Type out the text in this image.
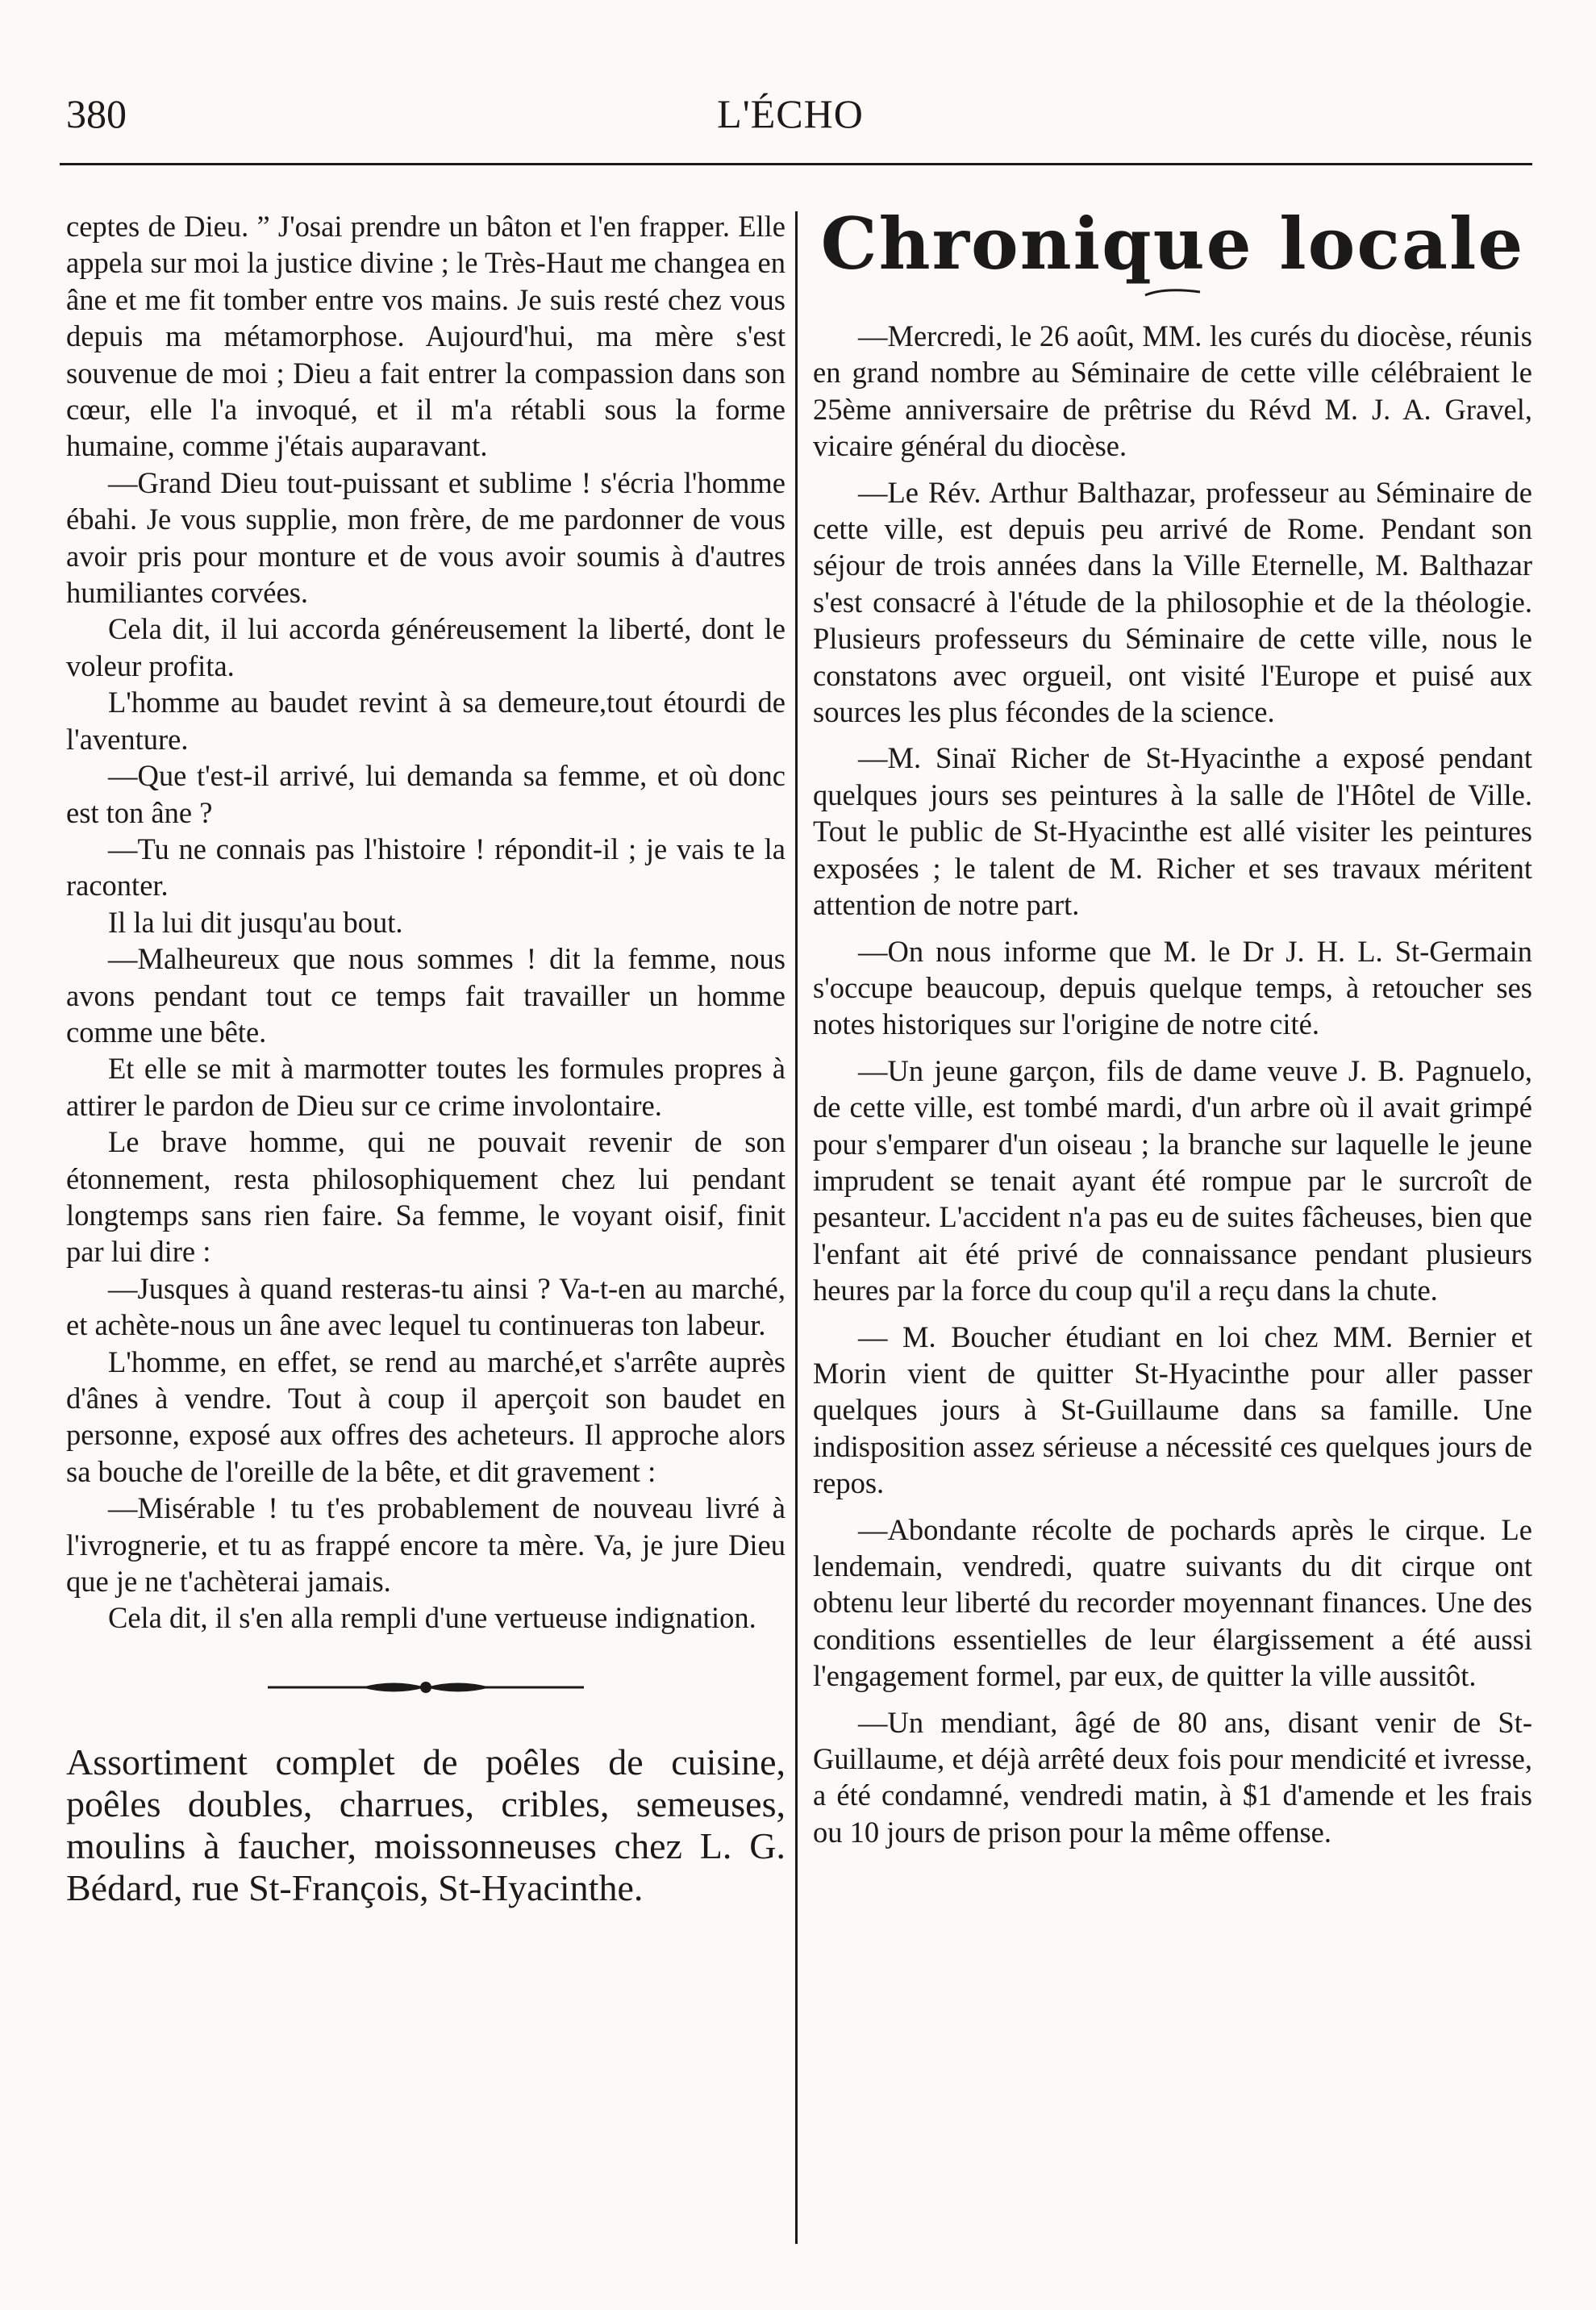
380	L'ÉCHO

ceptes de Dieu. ” J'osai prendre un bâton et l'en frapper. Elle appela sur moi la justice divine ; le Très-Haut me changea en âne et me fit tomber entre vos mains. Je suis resté chez vous depuis ma métamorphose. Aujourd'hui, ma mère s'est souvenue de moi ; Dieu a fait entrer la compassion dans son cœur, elle l'a invoqué, et il m'a rétabli sous la forme humaine, comme j'étais auparavant.

—Grand Dieu tout-puissant et sublime ! s'écria l'homme ébahi. Je vous supplie, mon frère, de me pardonner de vous avoir pris pour monture et de vous avoir soumis à d'autres humiliantes corvées.

Cela dit, il lui accorda généreusement la liberté, dont le voleur profita.

L'homme au baudet revint à sa demeure,tout étourdi de l'aventure.

—Que t'est-il arrivé, lui demanda sa femme, et où donc est ton âne ?

—Tu ne connais pas l'histoire ! répondit-il ; je vais te la raconter.

Il la lui dit jusqu'au bout.

—Malheureux que nous sommes ! dit la femme, nous avons pendant tout ce temps fait travailler un homme comme une bête.

Et elle se mit à marmotter toutes les formules propres à attirer le pardon de Dieu sur ce crime involontaire.

Le brave homme, qui ne pouvait revenir de son étonnement, resta philosophiquement chez lui pendant longtemps sans rien faire. Sa femme, le voyant oisif, finit par lui dire :

—Jusques à quand resteras-tu ainsi ? Va-t-en au marché, et achète-nous un âne avec lequel tu continueras ton labeur.

L'homme, en effet, se rend au marché,et s'arrête auprès d'ânes à vendre. Tout à coup il aperçoit son baudet en personne, exposé aux offres des acheteurs. Il approche alors sa bouche de l'oreille de la bête, et dit gravement :

—Misérable ! tu t'es probablement de nouveau livré à l'ivrognerie, et tu as frappé encore ta mère. Va, je jure Dieu que je ne t'achèterai jamais.

Cela dit, il s'en alla rempli d'une vertueuse indignation.

Assortiment complet de poêles de cuisine, poêles doubles, charrues, cribles, semeuses, moulins à faucher, moissonneuses chez L. G. Bédard, rue St-François, St-Hyacinthe.

Chronique locale

—Mercredi, le 26 août, MM. les curés du diocèse, réunis en grand nombre au Séminaire de cette ville célébraient le 25ème anniversaire de prêtrise du Révd M. J. A. Gravel, vicaire général du diocèse.

—Le Rév. Arthur Balthazar, professeur au Séminaire de cette ville, est depuis peu arrivé de Rome. Pendant son séjour de trois années dans la Ville Eternelle, M. Balthazar s'est consacré à l'étude de la philosophie et de la théologie. Plusieurs professeurs du Séminaire de cette ville, nous le constatons avec orgueil, ont visité l'Europe et puisé aux sources les plus fécondes de la science.

—M. Sinaï Richer de St-Hyacinthe a exposé pendant quelques jours ses peintures à la salle de l'Hôtel de Ville. Tout le public de St-Hyacinthe est allé visiter les peintures exposées ; le talent de M. Richer et ses travaux méritent attention de notre part.

—On nous informe que M. le Dr J. H. L. St-Germain s'occupe beaucoup, depuis quelque temps, à retoucher ses notes historiques sur l'origine de notre cité.

—Un jeune garçon, fils de dame veuve J. B. Pagnuelo, de cette ville, est tombé mardi, d'un arbre où il avait grimpé pour s'emparer d'un oiseau ; la branche sur laquelle le jeune imprudent se tenait ayant été rompue par le surcroît de pesanteur. L'accident n'a pas eu de suites fâcheuses, bien que l'enfant ait été privé de connaissance pendant plusieurs heures par la force du coup qu'il a reçu dans la chute.

— M. Boucher étudiant en loi chez MM. Bernier et Morin vient de quitter St-Hyacinthe pour aller passer quelques jours à St-Guillaume dans sa famille. Une indisposition assez sérieuse a nécessité ces quelques jours de repos.

—Abondante récolte de pochards après le cirque. Le lendemain, vendredi, quatre suivants du dit cirque ont obtenu leur liberté du recorder moyennant finances. Une des conditions essentielles de leur élargissement a été aussi l'engagement formel, par eux, de quitter la ville aussitôt.

—Un mendiant, âgé de 80 ans, disant venir de St-Guillaume, et déjà arrêté deux fois pour mendicité et ivresse, a été condamné, vendredi matin, à $1 d'amende et les frais ou 10 jours de prison pour la même offense.
